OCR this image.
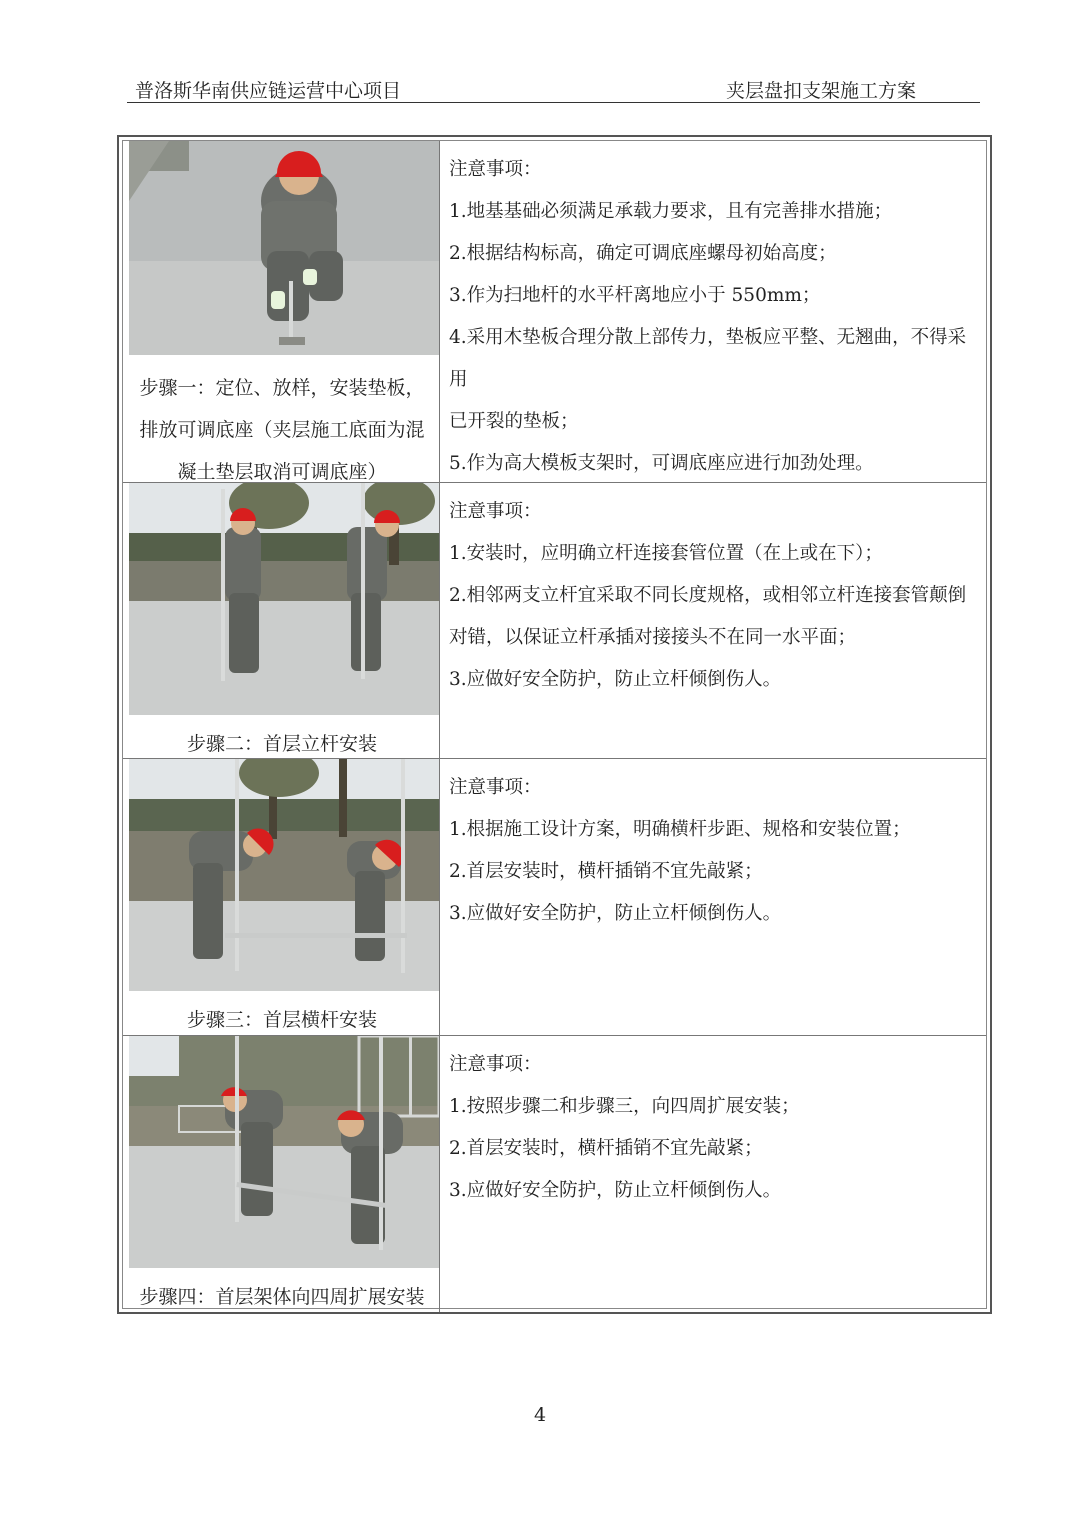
普洛斯华南供应链运营中心项目	夹层盘扣支架施工方案
步骤一：定位、放样，安装垫板，
排放可调底座（夹层施工底面为混
凝土垫层取消可调底座）
注意事项：
1.地基基础必须满足承载力要求，且有完善排水措施；
2.根据结构标高，确定可调底座螺母初始高度；
3.作为扫地杆的水平杆离地应小于 550mm；
4.采用木垫板合理分散上部传力，垫板应平整、无翘曲，不得采用
已开裂的垫板；
5.作为高大模板支架时，可调底座应进行加劲处理。
步骤二：首层立杆安装
注意事项：
1.安装时，应明确立杆连接套管位置（在上或在下）；
2.相邻两支立杆宜采取不同长度规格，或相邻立杆连接套管颠倒
对错，以保证立杆承插对接接头不在同一水平面；
3.应做好安全防护，防止立杆倾倒伤人。
步骤三：首层横杆安装
注意事项：
1.根据施工设计方案，明确横杆步距、规格和安装位置；
2.首层安装时，横杆插销不宜先敲紧；
3.应做好安全防护，防止立杆倾倒伤人。
步骤四：首层架体向四周扩展安装
注意事项：
1.按照步骤二和步骤三，向四周扩展安装；
2.首层安装时，横杆插销不宜先敲紧；
3.应做好安全防护，防止立杆倾倒伤人。
4
